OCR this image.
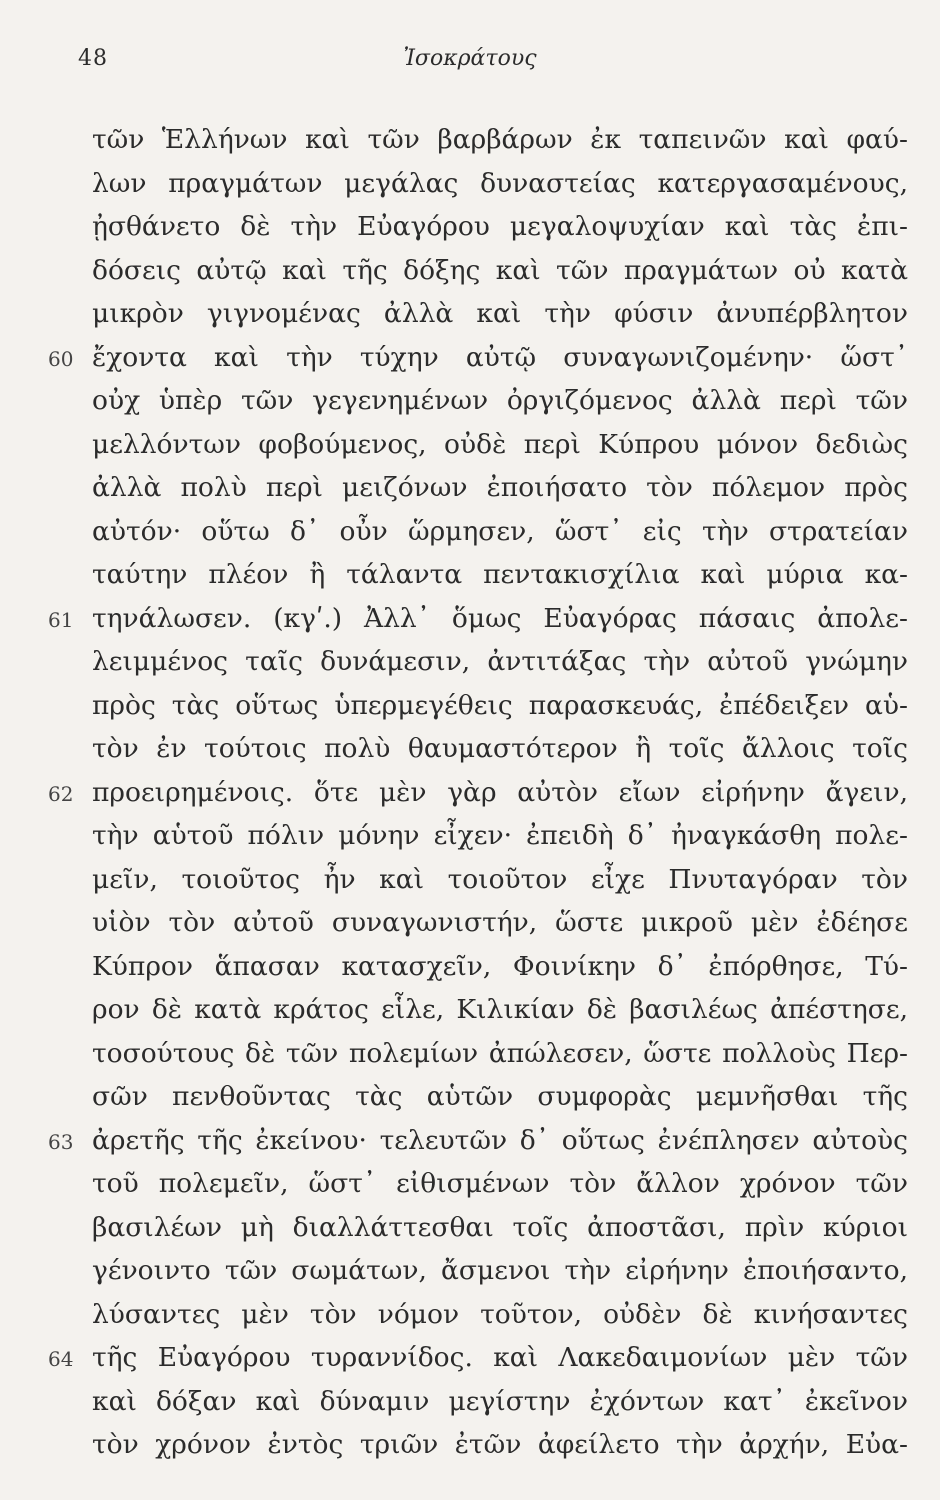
48	Ἰσοκράτους
τῶν Ἑλλήνων καὶ τῶν βαρβάρων ἐκ ταπεινῶν καὶ φαύ-
λων πραγμάτων μεγάλας δυναστείας κατεργασαμένους,
ᾐσθάνετο δὲ τὴν Εὐαγόρου μεγαλοψυχίαν καὶ τὰς ἐπι-
δόσεις αὐτῷ καὶ τῆς δόξης καὶ τῶν πραγμάτων οὐ κατὰ
μικρὸν γιγνομένας ἀλλὰ καὶ τὴν φύσιν ἀνυπέρβλητον
ἔχοντα καὶ τὴν τύχην αὐτῷ συναγωνιζομένην· ὥστ᾿
60
οὐχ ὑπὲρ τῶν γεγενημένων ὀργιζόμενος ἀλλὰ περὶ τῶν
μελλόντων φοβούμενος, οὐδὲ περὶ Κύπρου μόνον δεδιὼς
ἀλλὰ πολὺ περὶ μειζόνων ἐποιήσατο τὸν πόλεμον πρὸς
αὐτόν· οὕτω δ᾿ οὖν ὥρμησεν, ὥστ᾿ εἰς τὴν στρατείαν
ταύτην πλέον ἢ τάλαντα πεντακισχίλια καὶ μύρια κα-
τηνάλωσεν. (κγʹ.) Ἀλλ᾿ ὅμως Εὐαγόρας πάσαις ἀπολε-
61
λειμμένος ταῖς δυνάμεσιν, ἀντιτάξας τὴν αὐτοῦ γνώμην
πρὸς τὰς οὕτως ὑπερμεγέθεις παρασκευάς, ἐπέδειξεν αὑ-
τὸν ἐν τούτοις πολὺ θαυμαστότερον ἢ τοῖς ἄλλοις τοῖς
προειρημένοις. ὅτε μὲν γὰρ αὐτὸν εἴων εἰρήνην ἄγειν,
62
τὴν αὑτοῦ πόλιν μόνην εἶχεν· ἐπειδὴ δ᾿ ἠναγκάσθη πολε-
μεῖν, τοιοῦτος ἦν καὶ τοιοῦτον εἶχε Πνυταγόραν τὸν
υἱὸν τὸν αὐτοῦ συναγωνιστήν, ὥστε μικροῦ μὲν ἐδέησε
Κύπρον ἅπασαν κατασχεῖν, Φοινίκην δ᾿ ἐπόρθησε, Τύ-
ρον δὲ κατὰ κράτος εἷλε, Κιλικίαν δὲ βασιλέως ἀπέστησε,
τοσούτους δὲ τῶν πολεμίων ἀπώλεσεν, ὥστε πολλοὺς Περ-
σῶν πενθοῦντας τὰς αὑτῶν συμφορὰς μεμνῆσθαι τῆς
ἀρετῆς τῆς ἐκείνου· τελευτῶν δ᾿ οὕτως ἐνέπλησεν αὐτοὺς
63
τοῦ πολεμεῖν, ὥστ᾿ εἰθισμένων τὸν ἄλλον χρόνον τῶν
βασιλέων μὴ διαλλάττεσθαι τοῖς ἀποστᾶσι, πρὶν κύριοι
γένοιντο τῶν σωμάτων, ἄσμενοι τὴν εἰρήνην ἐποιήσαντο,
λύσαντες μὲν τὸν νόμον τοῦτον, οὐδὲν δὲ κινήσαντες
τῆς Εὐαγόρου τυραννίδος. καὶ Λακεδαιμονίων μὲν τῶν
64
καὶ δόξαν καὶ δύναμιν μεγίστην ἐχόντων κατ᾿ ἐκεῖνον
τὸν χρόνον ἐντὸς τριῶν ἐτῶν ἀφείλετο τὴν ἀρχήν, Εὐα-
